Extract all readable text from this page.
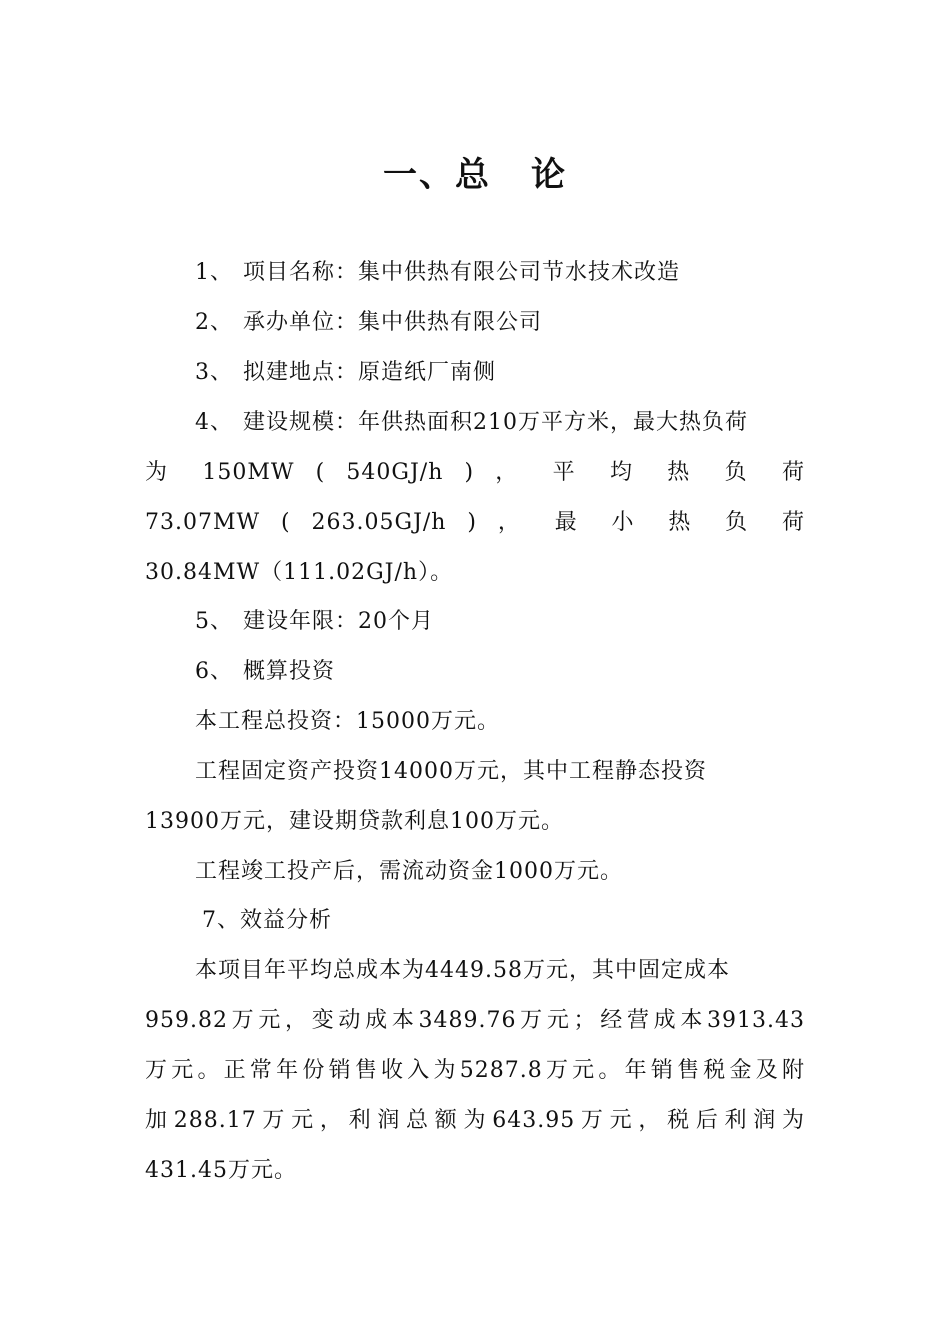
一、总 论
1、 项目名称：集中供热有限公司节水技术改造
2、 承办单位：集中供热有限公司
3、 拟建地点：原造纸厂南侧
4、 建设规模：年供热面积210万平方米，最大热负荷
为 150MW ( 540GJ/h ) ， 平 均 热 负 荷
73.07MW ( 263.05GJ/h ) ， 最 小 热 负 荷
30.84MW（111.02GJ/h）。
5、 建设年限：20个月
6、 概算投资
本工程总投资：15000万元。
工程固定资产投资14000万元，其中工程静态投资
13900万元，建设期贷款利息100万元。
工程竣工投产后，需流动资金1000万元。
7、效益分析
本项目年平均总成本为4449.58万元，其中固定成本
959.82万元，变动成本3489.76万元；经营成本3913.43
万元。正常年份销售收入为5287.8万元。年销售税金及附
加288.17万元，利润总额为643.95万元，税后利润为
431.45万元。
